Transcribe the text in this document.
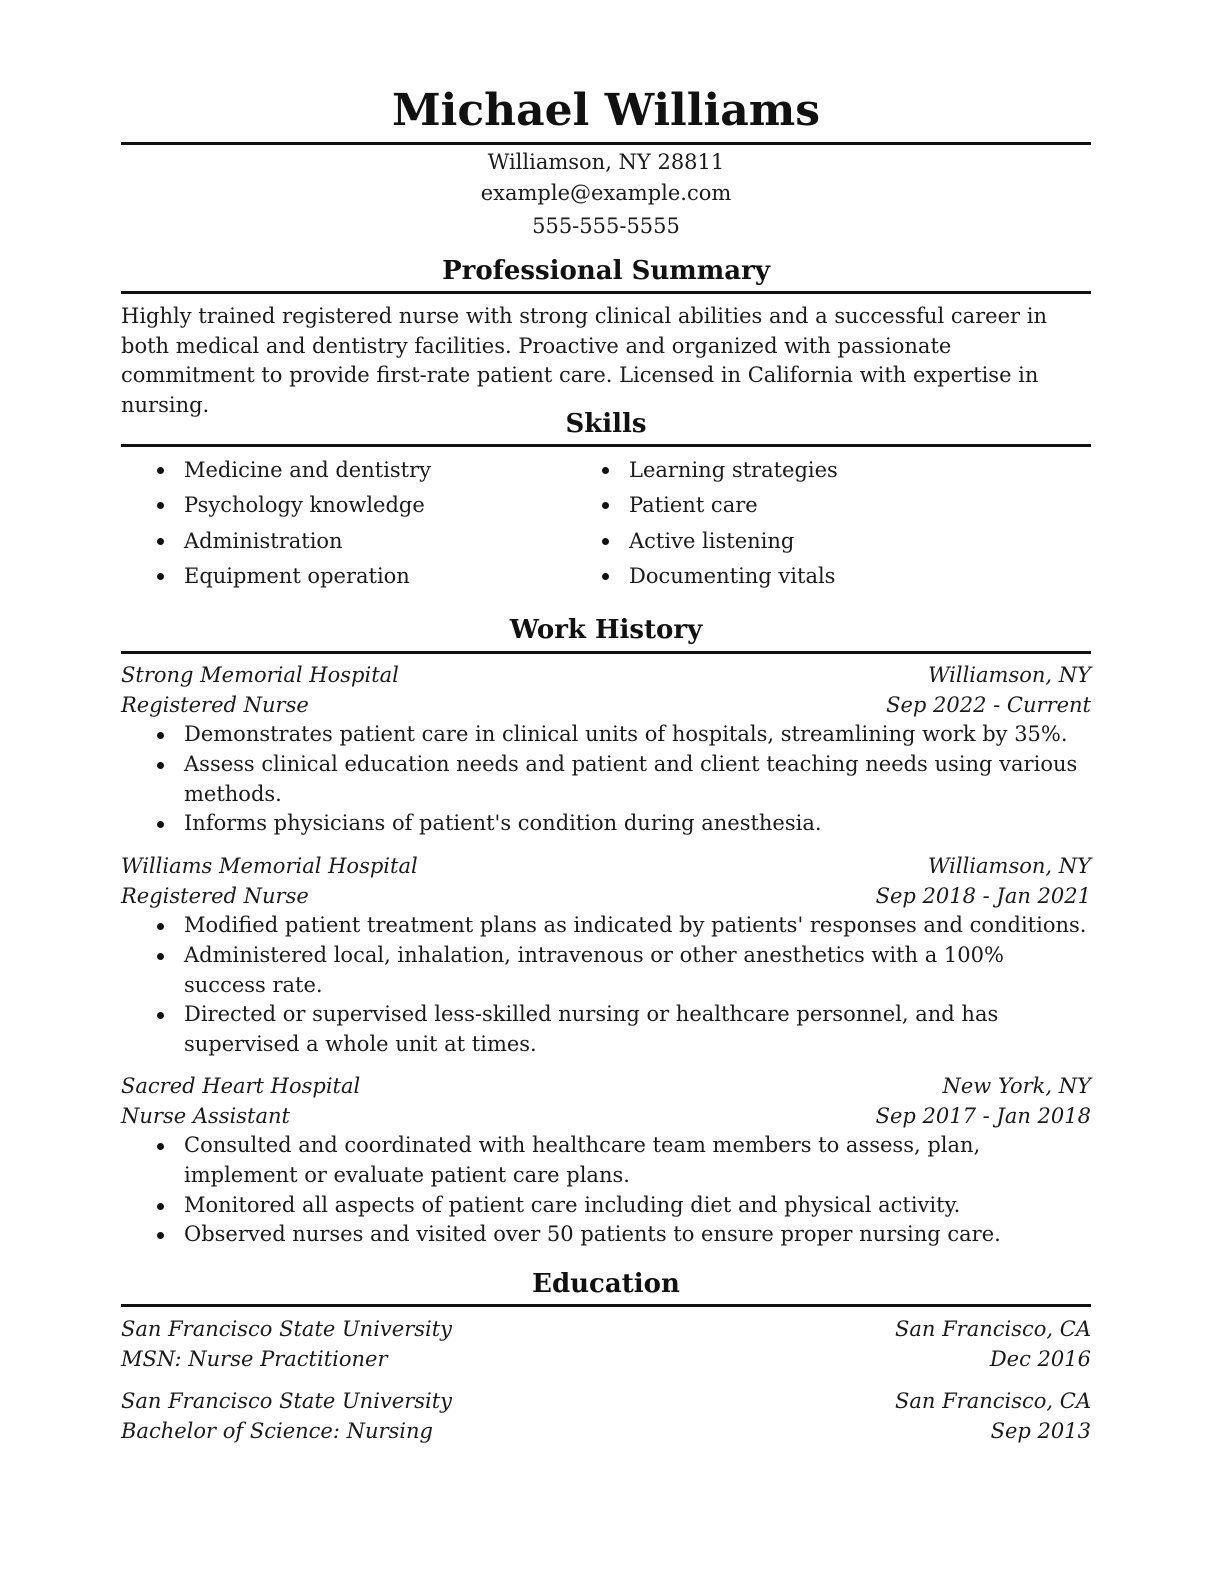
Michael Williams
Williamson, NY 28811
example@example.com
555-555-5555
Professional Summary
Highly trained registered nurse with strong clinical abilities and a successful career in both medical and dentistry facilities. Proactive and organized with passionate commitment to provide first-rate patient care. Licensed in California with expertise in nursing.
Skills
Medicine and dentistry
Psychology knowledge
Administration
Equipment operation
Learning strategies
Patient care
Active listening
Documenting vitals
Work History
Strong Memorial Hospital	Williamson, NY
Registered Nurse	Sep 2022 - Current
Demonstrates patient care in clinical units of hospitals, streamlining work by 35%.
Assess clinical education needs and patient and client teaching needs using various methods.
Informs physicians of patient's condition during anesthesia.
Williams Memorial Hospital	Williamson, NY
Registered Nurse	Sep 2018 - Jan 2021
Modified patient treatment plans as indicated by patients' responses and conditions.
Administered local, inhalation, intravenous or other anesthetics with a 100% success rate.
Directed or supervised less-skilled nursing or healthcare personnel, and has supervised a whole unit at times.
Sacred Heart Hospital	New York, NY
Nurse Assistant	Sep 2017 - Jan 2018
Consulted and coordinated with healthcare team members to assess, plan, implement or evaluate patient care plans.
Monitored all aspects of patient care including diet and physical activity.
Observed nurses and visited over 50 patients to ensure proper nursing care.
Education
San Francisco State University	San Francisco, CA
MSN: Nurse Practitioner	Dec 2016
San Francisco State University	San Francisco, CA
Bachelor of Science: Nursing	Sep 2013
